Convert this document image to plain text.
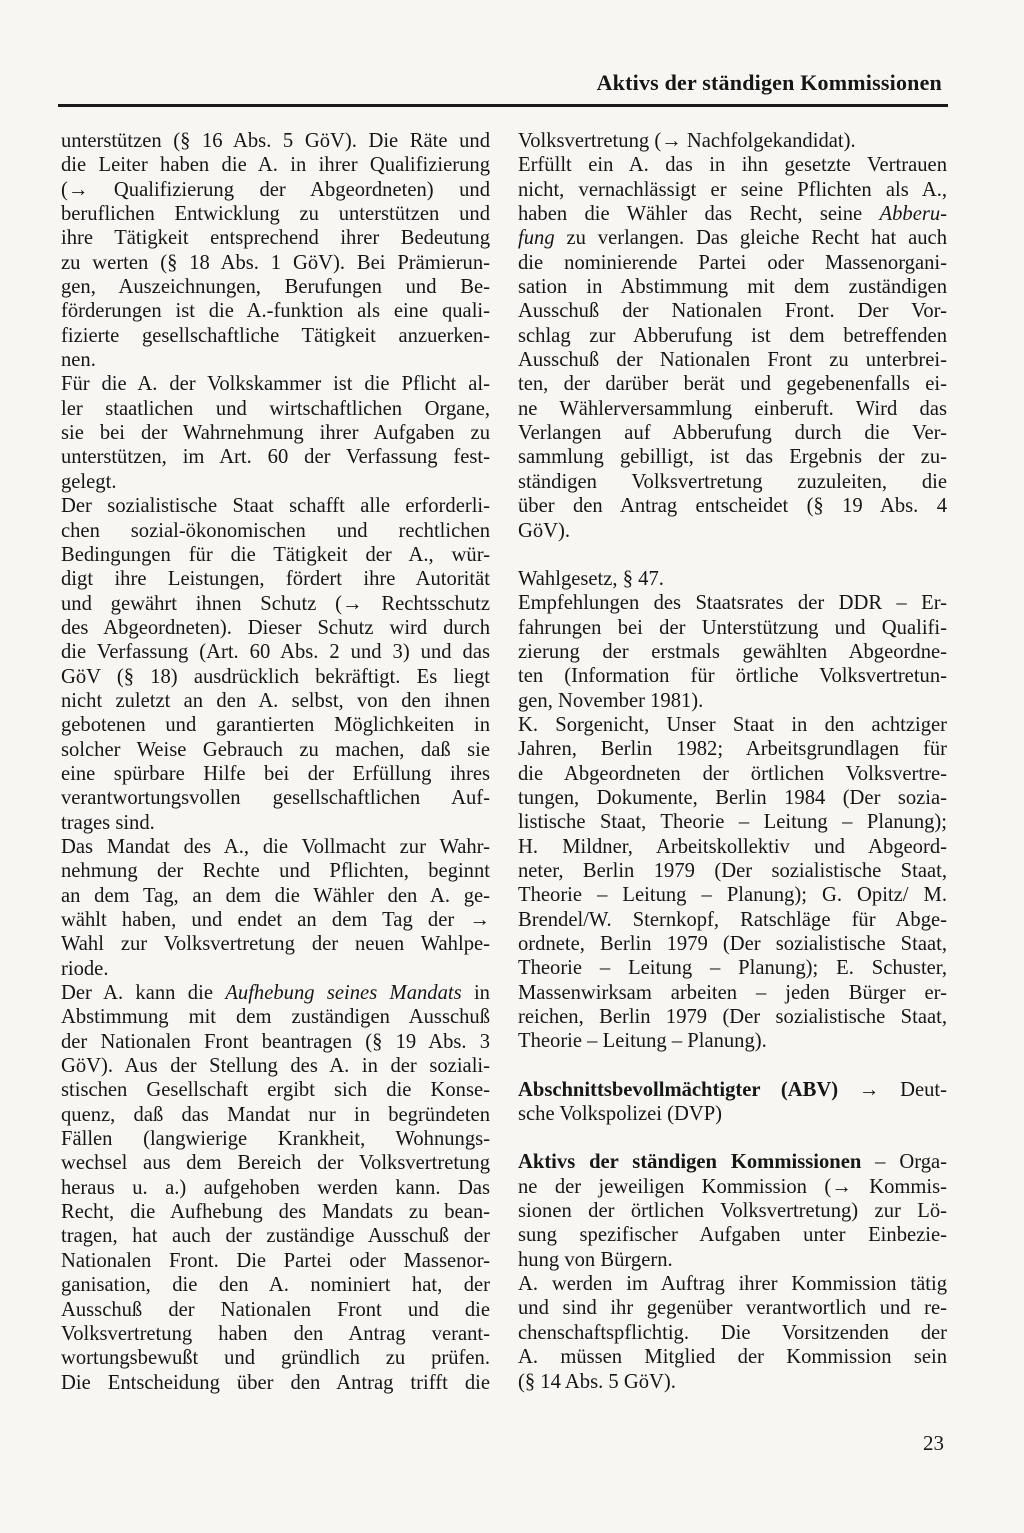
Aktivs der ständigen Kommissionen
unterstützen (§ 16 Abs. 5 GöV). Die Räte und
die Leiter haben die A. in ihrer Qualifizierung
(→ Qualifizierung der Abgeordneten) und
beruflichen Entwicklung zu unterstützen und
ihre Tätigkeit entsprechend ihrer Bedeutung
zu werten (§ 18 Abs. 1 GöV). Bei Prämierun-
gen, Auszeichnungen, Berufungen und Be-
förderungen ist die A.-funktion als eine quali-
fizierte gesellschaftliche Tätigkeit anzuerken-
nen.
Für die A. der Volkskammer ist die Pflicht al-
ler staatlichen und wirtschaftlichen Organe,
sie bei der Wahrnehmung ihrer Aufgaben zu
unterstützen, im Art. 60 der Verfassung fest-
gelegt.
Der sozialistische Staat schafft alle erforderli-
chen sozial-ökonomischen und rechtlichen
Bedingungen für die Tätigkeit der A., wür-
digt ihre Leistungen, fördert ihre Autorität
und gewährt ihnen Schutz (→ Rechtsschutz
des Abgeordneten). Dieser Schutz wird durch
die Verfassung (Art. 60 Abs. 2 und 3) und das
GöV (§ 18) ausdrücklich bekräftigt. Es liegt
nicht zuletzt an den A. selbst, von den ihnen
gebotenen und garantierten Möglichkeiten in
solcher Weise Gebrauch zu machen, daß sie
eine spürbare Hilfe bei der Erfüllung ihres
verantwortungsvollen gesellschaftlichen Auf-
trages sind.
Das Mandat des A., die Vollmacht zur Wahr-
nehmung der Rechte und Pflichten, beginnt
an dem Tag, an dem die Wähler den A. ge-
wählt haben, und endet an dem Tag der →
Wahl zur Volksvertretung der neuen Wahlpe-
riode.
Der A. kann die Aufhebung seines Mandats in
Abstimmung mit dem zuständigen Ausschuß
der Nationalen Front beantragen (§ 19 Abs. 3
GöV). Aus der Stellung des A. in der soziali-
stischen Gesellschaft ergibt sich die Konse-
quenz, daß das Mandat nur in begründeten
Fällen (langwierige Krankheit, Wohnungs-
wechsel aus dem Bereich der Volksvertretung
heraus u. a.) aufgehoben werden kann. Das
Recht, die Aufhebung des Mandats zu bean-
tragen, hat auch der zuständige Ausschuß der
Nationalen Front. Die Partei oder Massenor-
ganisation, die den A. nominiert hat, der
Ausschuß der Nationalen Front und die
Volksvertretung haben den Antrag verant-
wortungsbewußt und gründlich zu prüfen.
Die Entscheidung über den Antrag trifft die
Volksvertretung (→ Nachfolgekandidat).
Erfüllt ein A. das in ihn gesetzte Vertrauen
nicht, vernachlässigt er seine Pflichten als A.,
haben die Wähler das Recht, seine Abberu-
fung zu verlangen. Das gleiche Recht hat auch
die nominierende Partei oder Massenorgani-
sation in Abstimmung mit dem zuständigen
Ausschuß der Nationalen Front. Der Vor-
schlag zur Abberufung ist dem betreffenden
Ausschuß der Nationalen Front zu unterbrei-
ten, der darüber berät und gegebenenfalls ei-
ne Wählerversammlung einberuft. Wird das
Verlangen auf Abberufung durch die Ver-
sammlung gebilligt, ist das Ergebnis der zu-
ständigen Volksvertretung zuzuleiten, die
über den Antrag entscheidet (§ 19 Abs. 4
GöV).
Wahlgesetz, § 47.
Empfehlungen des Staatsrates der DDR – Er-
fahrungen bei der Unterstützung und Qualifi-
zierung der erstmals gewählten Abgeordne-
ten (Information für örtliche Volksvertretun-
gen, November 1981).
K. Sorgenicht, Unser Staat in den achtziger
Jahren, Berlin 1982; Arbeitsgrundlagen für
die Abgeordneten der örtlichen Volksvertre-
tungen, Dokumente, Berlin 1984 (Der sozia-
listische Staat, Theorie – Leitung – Planung);
H. Mildner, Arbeitskollektiv und Abgeord-
neter, Berlin 1979 (Der sozialistische Staat,
Theorie – Leitung – Planung); G. Opitz/ M.
Brendel/W. Sternkopf, Ratschläge für Abge-
ordnete, Berlin 1979 (Der sozialistische Staat,
Theorie – Leitung – Planung); E. Schuster,
Massenwirksam arbeiten – jeden Bürger er-
reichen, Berlin 1979 (Der sozialistische Staat,
Theorie – Leitung – Planung).
Abschnittsbevollmächtigter (ABV) → Deut-
sche Volkspolizei (DVP)
Aktivs der ständigen Kommissionen – Orga-
ne der jeweiligen Kommission (→ Kommis-
sionen der örtlichen Volksvertretung) zur Lö-
sung spezifischer Aufgaben unter Einbezie-
hung von Bürgern.
A. werden im Auftrag ihrer Kommission tätig
und sind ihr gegenüber verantwortlich und re-
chenschaftspflichtig. Die Vorsitzenden der
A. müssen Mitglied der Kommission sein
(§ 14 Abs. 5 GöV).
23
